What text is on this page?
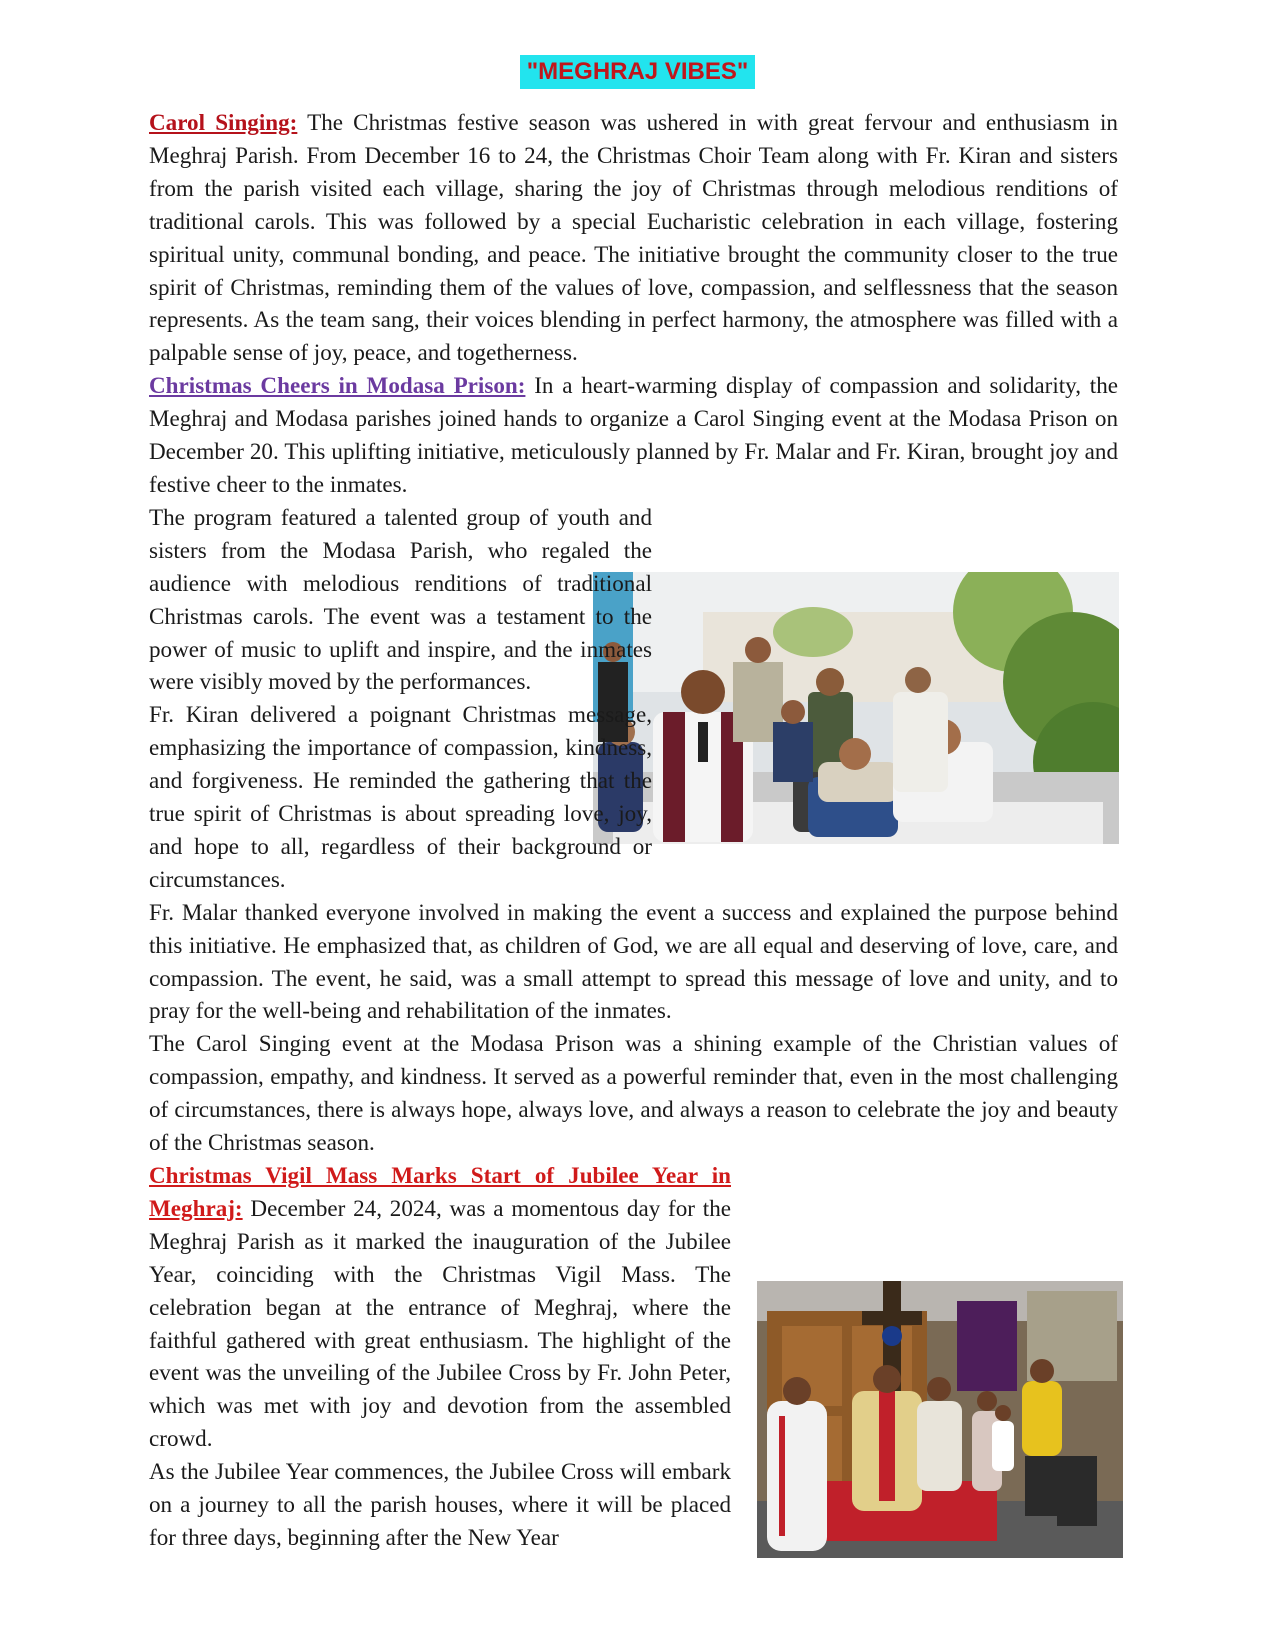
"MEGHRAJ VIBES"

Carol Singing: The Christmas festive season was ushered in with great fervour and enthusiasm in Meghraj Parish. From December 16 to 24, the Christmas Choir Team along with Fr. Kiran and sisters from the parish visited each village, sharing the joy of Christmas through melodious renditions of traditional carols. This was followed by a special Eucharistic celebration in each village, fostering spiritual unity, communal bonding, and peace. The initiative brought the community closer to the true spirit of Christmas, reminding them of the values of love, compassion, and selflessness that the season represents. As the team sang, their voices blending in perfect harmony, the atmosphere was filled with a palpable sense of joy, peace, and togetherness.

Christmas Cheers in Modasa Prison: In a heart-warming display of compassion and solidarity, the Meghraj and Modasa parishes joined hands to organize a Carol Singing event at the Modasa Prison on December 20. This uplifting initiative, meticulously planned by Fr. Malar and Fr. Kiran, brought joy and festive cheer to the inmates.

The program featured a talented group of youth and sisters from the Modasa Parish, who regaled the audience with melodious renditions of traditional Christmas carols. The event was a testament to the power of music to uplift and inspire, and the inmates were visibly moved by the performances.

Fr. Kiran delivered a poignant Christmas message, emphasizing the importance of compassion, kindness, and forgiveness. He reminded the gathering that the true spirit of Christmas is about spreading love, joy, and hope to all, regardless of their background or circumstances.

Fr. Malar thanked everyone involved in making the event a success and explained the purpose behind this initiative. He emphasized that, as children of God, we are all equal and deserving of love, care, and compassion. The event, he said, was a small attempt to spread this message of love and unity, and to pray for the well-being and rehabilitation of the inmates.

The Carol Singing event at the Modasa Prison was a shining example of the Christian values of compassion, empathy, and kindness. It served as a powerful reminder that, even in the most challenging of circumstances, there is always hope, always love, and always a reason to celebrate the joy and beauty of the Christmas season.

Christmas Vigil Mass Marks Start of Jubilee Year in Meghraj: December 24, 2024, was a momentous day for the Meghraj Parish as it marked the inauguration of the Jubilee Year, coinciding with the Christmas Vigil Mass. The celebration began at the entrance of Meghraj, where the faithful gathered with great enthusiasm. The highlight of the event was the unveiling of the Jubilee Cross by Fr. John Peter, which was met with joy and devotion from the assembled crowd.

As the Jubilee Year commences, the Jubilee Cross will embark on a journey to all the parish houses, where it will be placed for three days, beginning after the New Year
